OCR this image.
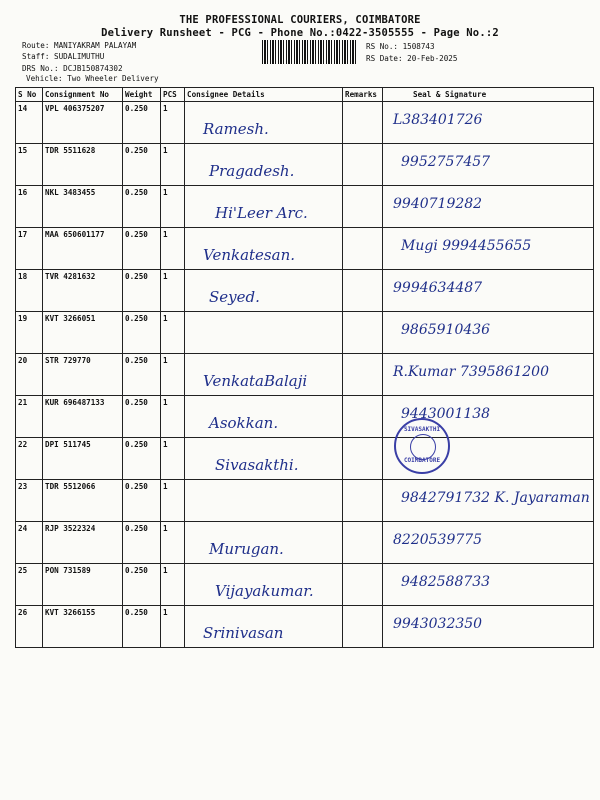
THE PROFESSIONAL COURIERS, COIMBATORE
Delivery Runsheet - PCG - Phone No.:0422-3505555 - Page No.:2
Route: MANIYAKRAM PALAYAM
Staff: SUDALIMUTHU
DRS No.: DCJB150874302
Vehicle: Two Wheeler Delivery
RS No.: 1508743
RS Date: 20-Feb-2025
S No	Consignment No	Weight	PCS	Consignee Details	Remarks	Seal & Signature
14	VPL 406375207	0.250	1	Ramesh.		L383401726

15	TDR 5511628	0.250	1	Pragadesh.		9952757457

16	NKL 3483455	0.250	1	Hi'Leer Arc.		9940719282

17	MAA 650601177	0.250	1	Venkatesan.		Mugi 9994455655

18	TVR 4281632	0.250	1	Seyed.		9994634487

19	KVT 3266051	0.250	1			9865910436

20	STR 729770	0.250	1	VenkataBalaji		R.Kumar 7395861200

21	KUR 696487133	0.250	1	Asokkan.		9443001138

22	DPI 511745	0.250	1	Sivasakthi.		

23	TDR 5512066	0.250	1			9842791732 K. Jayaraman

24	RJP 3522324	0.250	1	Murugan.		8220539775

25	PON 731589	0.250	1	Vijayakumar.		9482588733

26	KVT 3266155	0.250	1	Srinivasan		9943032350
SIVASAKTHI
COIMBATORE
